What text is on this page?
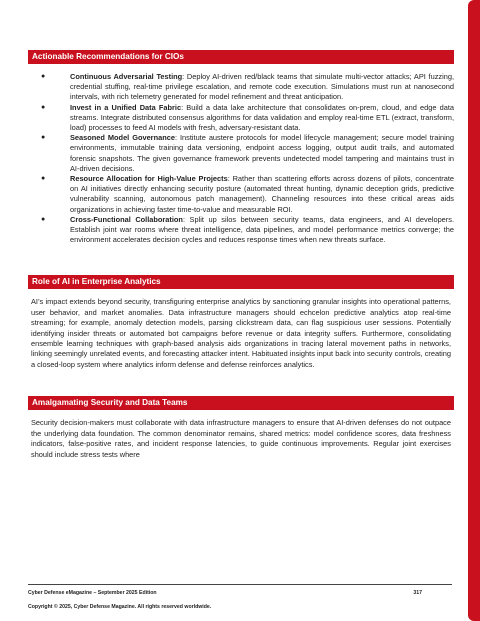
Actionable Recommendations for CIOs
●	Continuous Adversarial Testing: Deploy AI-driven red/black teams that simulate multi-vector attacks; API fuzzing, credential stuffing, real-time privilege escalation, and remote code execution. Simulations must run at nanosecond intervals, with rich telemetry generated for model refinement and threat anticipation.
●	Invest in a Unified Data Fabric: Build a data lake architecture that consolidates on-prem, cloud, and edge data streams. Integrate distributed consensus algorithms for data validation and employ real-time ETL (extract, transform, load) processes to feed AI models with fresh, adversary-resistant data.
●	Seasoned Model Governance: Institute austere protocols for model lifecycle management; secure model training environments, immutable training data versioning, endpoint access logging, output audit trails, and automated forensic snapshots. The given governance framework prevents undetected model tampering and maintains trust in AI-driven decisions.
●	Resource Allocation for High-Value Projects: Rather than scattering efforts across dozens of pilots, concentrate on AI initiatives directly enhancing security posture (automated threat hunting, dynamic deception grids, predictive vulnerability scanning, autonomous patch management). Channeling resources into these critical areas aids organizations in achieving faster time-to-value and measurable ROI.
●	Cross-Functional Collaboration: Split up silos between security teams, data engineers, and AI developers. Establish joint war rooms where threat intelligence, data pipelines, and model performance metrics converge; the environment accelerates decision cycles and reduces response times when new threats surface.
Role of AI in Enterprise Analytics

AI’s impact extends beyond security, transfiguring enterprise analytics by sanctioning granular insights into operational patterns, user behavior, and market anomalies. Data infrastructure managers should echcelon predictive analytics atop real-time streaming; for example, anomaly detection models, parsing clickstream data, can flag suspicious user sessions. Potentially identifying insider threats or automated bot campaigns before revenue or data integrity suffers. Furthermore, consolidating ensemble learning techniques with graph-based analysis aids organizations in tracing lateral movement paths in networks, linking seemingly unrelated events, and forecasting attacker intent. Habituated insights input back into security controls, creating a closed-loop system where analytics inform defense and defense reinforces analytics.

Amalgamating Security and Data Teams

Security decision-makers must collaborate with data infrastructure managers to ensure that AI-driven defenses do not outpace the underlying data foundation. The common denominator remains, shared metrics: model confidence scores, data freshness indicators, false-positive rates, and incident response latencies, to guide continuous improvements. Regular joint exercises should include stress tests where

Cyber Defense eMagazine – September 2025 Edition	317
Copyright © 2025, Cyber Defense Magazine. All rights reserved worldwide.
